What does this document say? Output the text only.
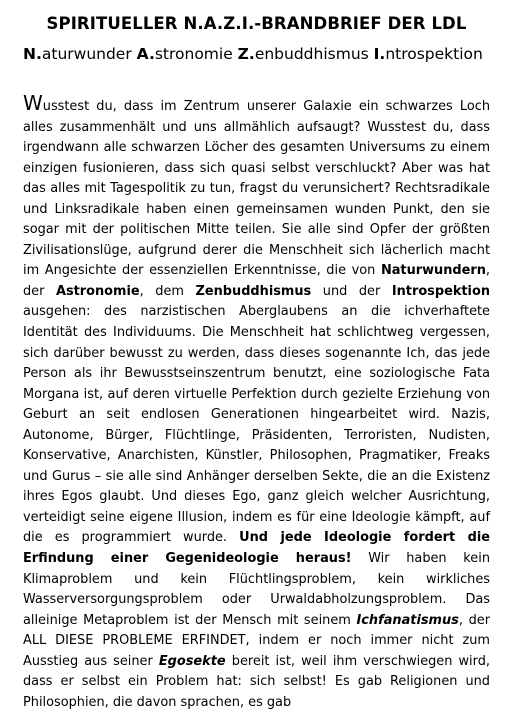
SPIRITUELLER N.A.Z.I.-BRANDBRIEF DER LDL
N.aturwunder A.stronomie Z.enbuddhismus I.ntrospektion
Wusstest du, dass im Zentrum unserer Galaxie ein schwarzes Loch alles zusammenhält und uns allmählich aufsaugt? Wusstest du, dass irgendwann alle schwarzen Löcher des gesamten Universums zu einem einzigen fusionieren, dass sich quasi selbst verschluckt? Aber was hat das alles mit Tagespolitik zu tun, fragst du verunsichert? Rechtsradikale und Linksradikale haben einen gemeinsamen wunden Punkt, den sie sogar mit der politischen Mitte teilen. Sie alle sind Opfer der größten Zivilisationslüge, aufgrund derer die Menschheit sich lächerlich macht im Angesichte der essenziellen Erkenntnisse, die von Naturwundern, der Astronomie, dem Zenbuddhismus und der Introspektion ausgehen: des narzistischen Aberglaubens an die ichverhaftete Identität des Individuums. Die Menschheit hat schlichtweg vergessen, sich darüber bewusst zu werden, dass dieses sogenannte Ich, das jede Person als ihr Bewusstseinszentrum benutzt, eine soziologische Fata Morgana ist, auf deren virtuelle Perfektion durch gezielte Erziehung von Geburt an seit endlosen Generationen hingearbeitet wird. Nazis, Autonome, Bürger, Flüchtlinge, Präsidenten, Terroristen, Nudisten, Konservative, Anarchisten, Künstler, Philosophen, Pragmatiker, Freaks und Gurus – sie alle sind Anhänger derselben Sekte, die an die Existenz ihres Egos glaubt. Und dieses Ego, ganz gleich welcher Ausrichtung, verteidigt seine eigene Illusion, indem es für eine Ideologie kämpft, auf die es programmiert wurde. Und jede Ideologie fordert die Erfindung einer Gegenideologie heraus! Wir haben kein Klimaproblem und kein Flüchtlingsproblem, kein wirkliches Wasserversorgungsproblem oder Urwaldabholzungsproblem. Das alleinige Metaproblem ist der Mensch mit seinem Ichfanatismus, der ALL DIESE PROBLEME ERFINDET, indem er noch immer nicht zum Ausstieg aus seiner Egosekte bereit ist, weil ihm verschwiegen wird, dass er selbst ein Problem hat: sich selbst! Es gab Religionen und Philosophien, die davon sprachen, es gab
